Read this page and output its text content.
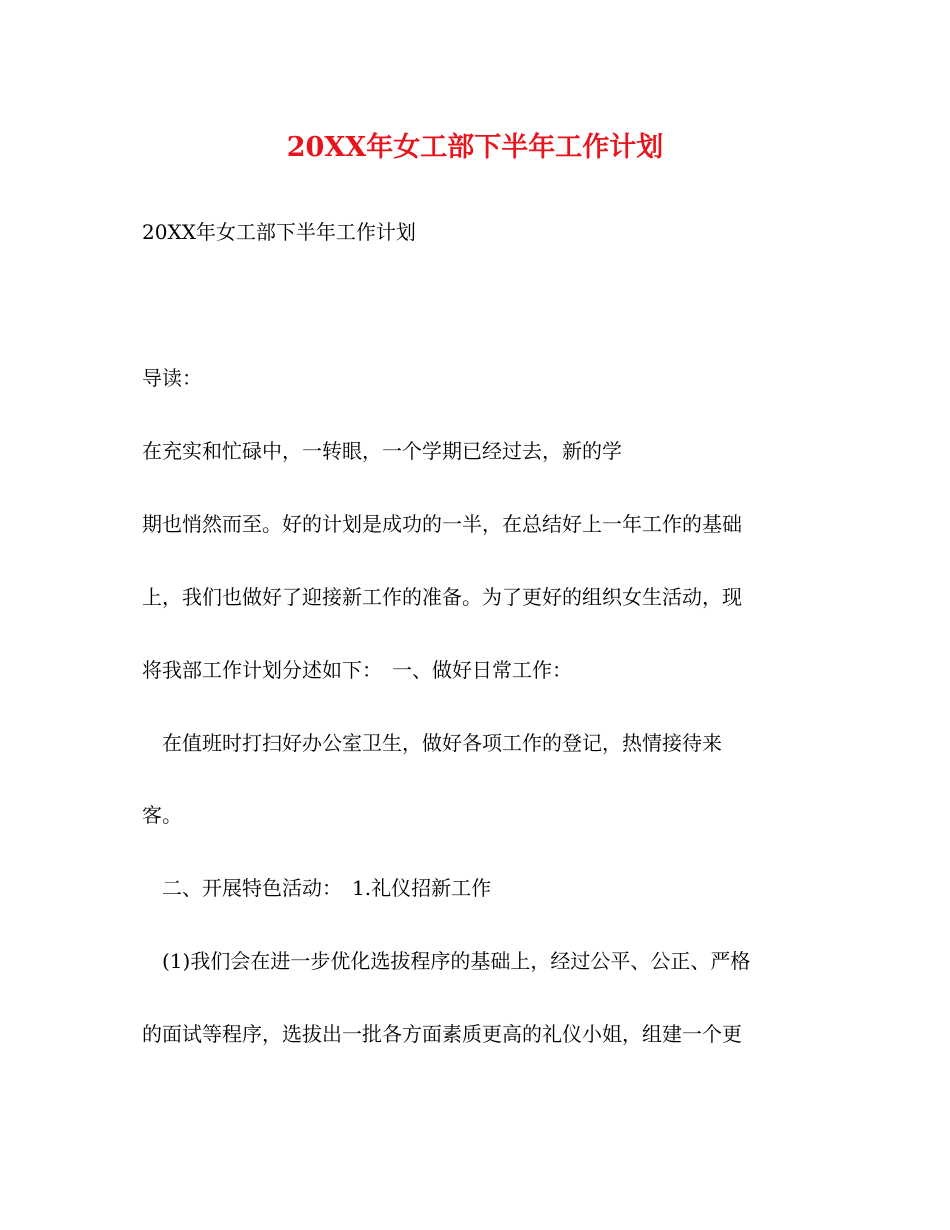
20XX年女工部下半年工作计划
20XX年女工部下半年工作计划
导读：
在充实和忙碌中，一转眼，一个学期已经过去，新的学
期也悄然而至。好的计划是成功的一半，在总结好上一年工作的基础
上，我们也做好了迎接新工作的准备。为了更好的组织女生活动，现
将我部工作计划分述如下：　一、做好日常工作：
　在值班时打扫好办公室卫生，做好各项工作的登记，热情接待来
客。
　二、开展特色活动：　1.礼仪招新工作
　(1)我们会在进一步优化选拔程序的基础上，经过公平、公正、严格
的面试等程序，选拔出一批各方面素质更高的礼仪小姐，组建一个更
